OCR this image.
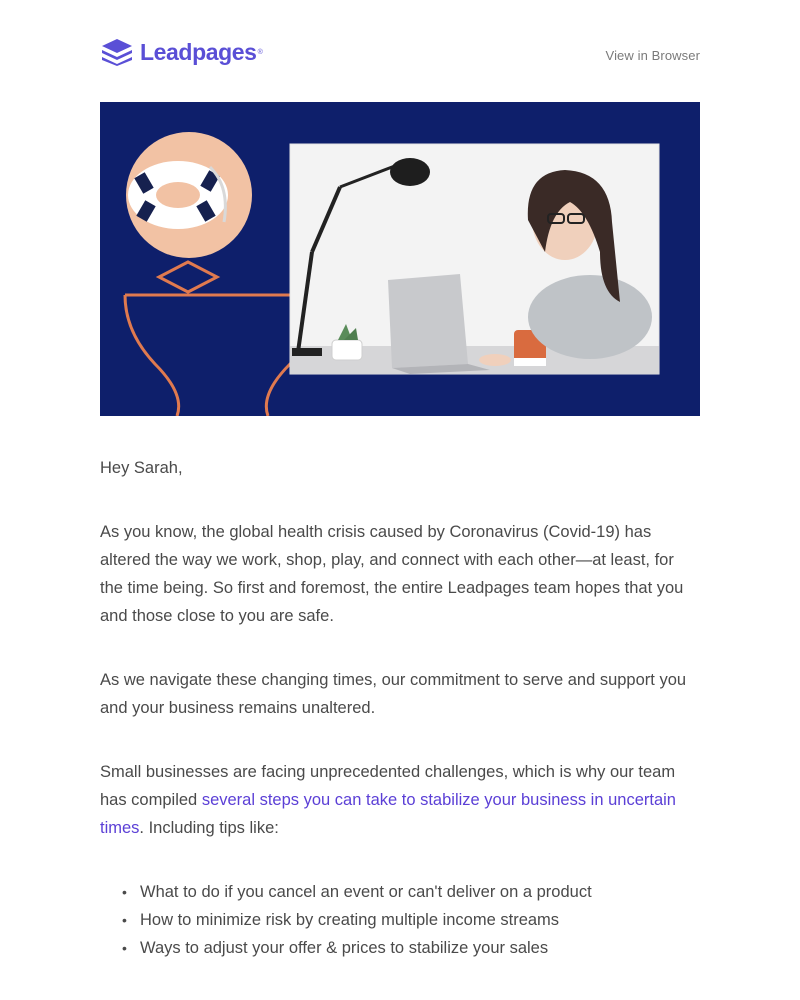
Leadpages ®	View in Browser

Hey Sarah,

As you know, the global health crisis caused by Coronavirus (Covid-19) has altered the way we work, shop, play, and connect with each other—at least, for the time being. So first and foremost, the entire Leadpages team hopes that you and those close to you are safe.

As we navigate these changing times, our commitment to serve and support you and your business remains unaltered.

Small businesses are facing unprecedented challenges, which is why our team has compiled several steps you can take to stabilize your business in uncertain times. Including tips like:

• What to do if you cancel an event or can't deliver on a product
• How to minimize risk by creating multiple income streams
• Ways to adjust your offer & prices to stabilize your sales
